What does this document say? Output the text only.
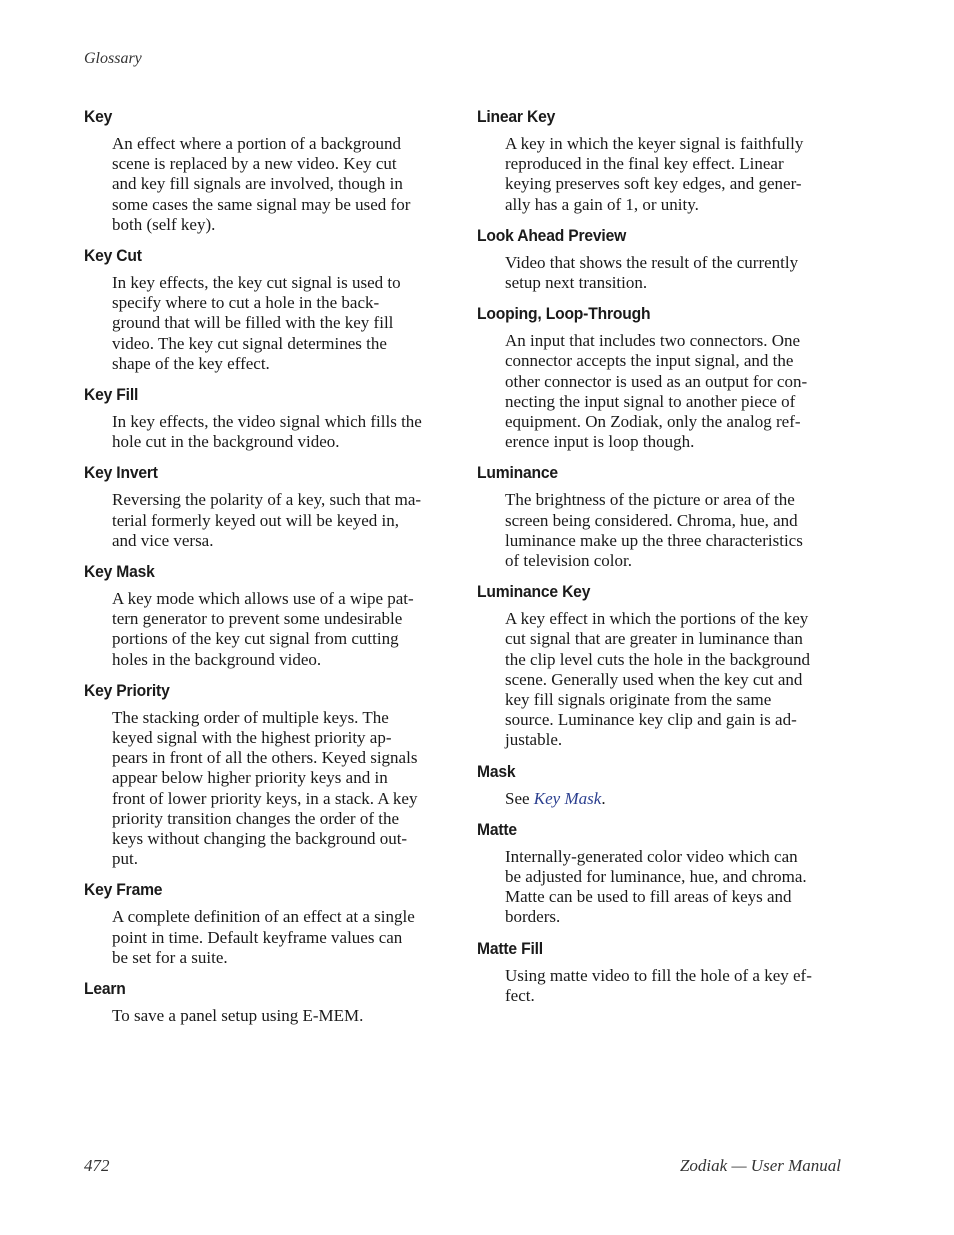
Glossary
Key
An effect where a portion of a background
scene is replaced by a new video. Key cut
and key fill signals are involved, though in
some cases the same signal may be used for
both (self key).
Key Cut
In key effects, the key cut signal is used to
specify where to cut a hole in the back-
ground that will be filled with the key fill
video. The key cut signal determines the
shape of the key effect.
Key Fill
In key effects, the video signal which fills the
hole cut in the background video.
Key Invert
Reversing the polarity of a key, such that ma-
terial formerly keyed out will be keyed in,
and vice versa.
Key Mask
A key mode which allows use of a wipe pat-
tern generator to prevent some undesirable
portions of the key cut signal from cutting
holes in the background video.
Key Priority
The stacking order of multiple keys. The
keyed signal with the highest priority ap-
pears in front of all the others. Keyed signals
appear below higher priority keys and in
front of lower priority keys, in a stack. A key
priority transition changes the order of the
keys without changing the background out-
put.
Key Frame
A complete definition of an effect at a single
point in time. Default keyframe values can
be set for a suite.
Learn
To save a panel setup using E-MEM.
Linear Key
A key in which the keyer signal is faithfully
reproduced in the final key effect. Linear
keying preserves soft key edges, and gener-
ally has a gain of 1, or unity.
Look Ahead Preview
Video that shows the result of the currently
setup next transition.
Looping, Loop-Through
An input that includes two connectors. One
connector accepts the input signal, and the
other connector is used as an output for con-
necting the input signal to another piece of
equipment. On Zodiak, only the analog ref-
erence input is loop though.
Luminance
The brightness of the picture or area of the
screen being considered. Chroma, hue, and
luminance make up the three characteristics
of television color.
Luminance Key
A key effect in which the portions of the key
cut signal that are greater in luminance than
the clip level cuts the hole in the background
scene. Generally used when the key cut and
key fill signals originate from the same
source. Luminance key clip and gain is ad-
justable.
Mask
See Key Mask.
Matte
Internally-generated color video which can
be adjusted for luminance, hue, and chroma.
Matte can be used to fill areas of keys and
borders.
Matte Fill
Using matte video to fill the hole of a key ef-
fect.
472	Zodiak — User Manual
